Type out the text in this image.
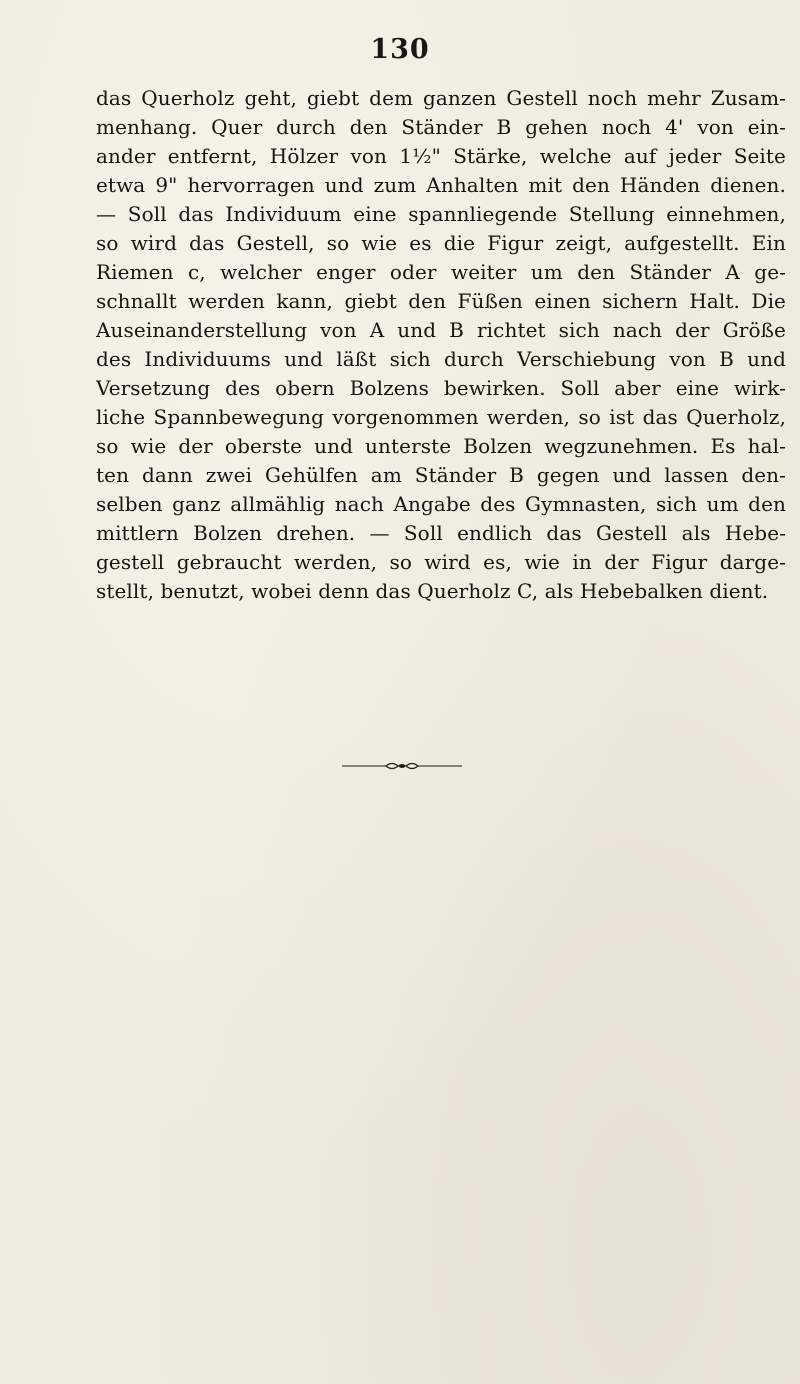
130
das Querholz geht, giebt dem ganzen Gestell noch mehr Zusam-
menhang. Quer durch den Ständer B gehen noch 4' von ein-
ander entfernt, Hölzer von 1½" Stärke, welche auf jeder Seite
etwa 9" hervorragen und zum Anhalten mit den Händen dienen.
— Soll das Individuum eine spannliegende Stellung einnehmen,
so wird das Gestell, so wie es die Figur zeigt, aufgestellt. Ein
Riemen c, welcher enger oder weiter um den Ständer A ge-
schnallt werden kann, giebt den Füßen einen sichern Halt. Die
Auseinanderstellung von A und B richtet sich nach der Größe
des Individuums und läßt sich durch Verschiebung von B und
Versetzung des obern Bolzens bewirken. Soll aber eine wirk-
liche Spannbewegung vorgenommen werden, so ist das Querholz,
so wie der oberste und unterste Bolzen wegzunehmen. Es hal-
ten dann zwei Gehülfen am Ständer B gegen und lassen den-
selben ganz allmählig nach Angabe des Gymnasten, sich um den
mittlern Bolzen drehen. — Soll endlich das Gestell als Hebe-
gestell gebraucht werden, so wird es, wie in der Figur darge-
stellt, benutzt, wobei denn das Querholz C, als Hebebalken dient.
